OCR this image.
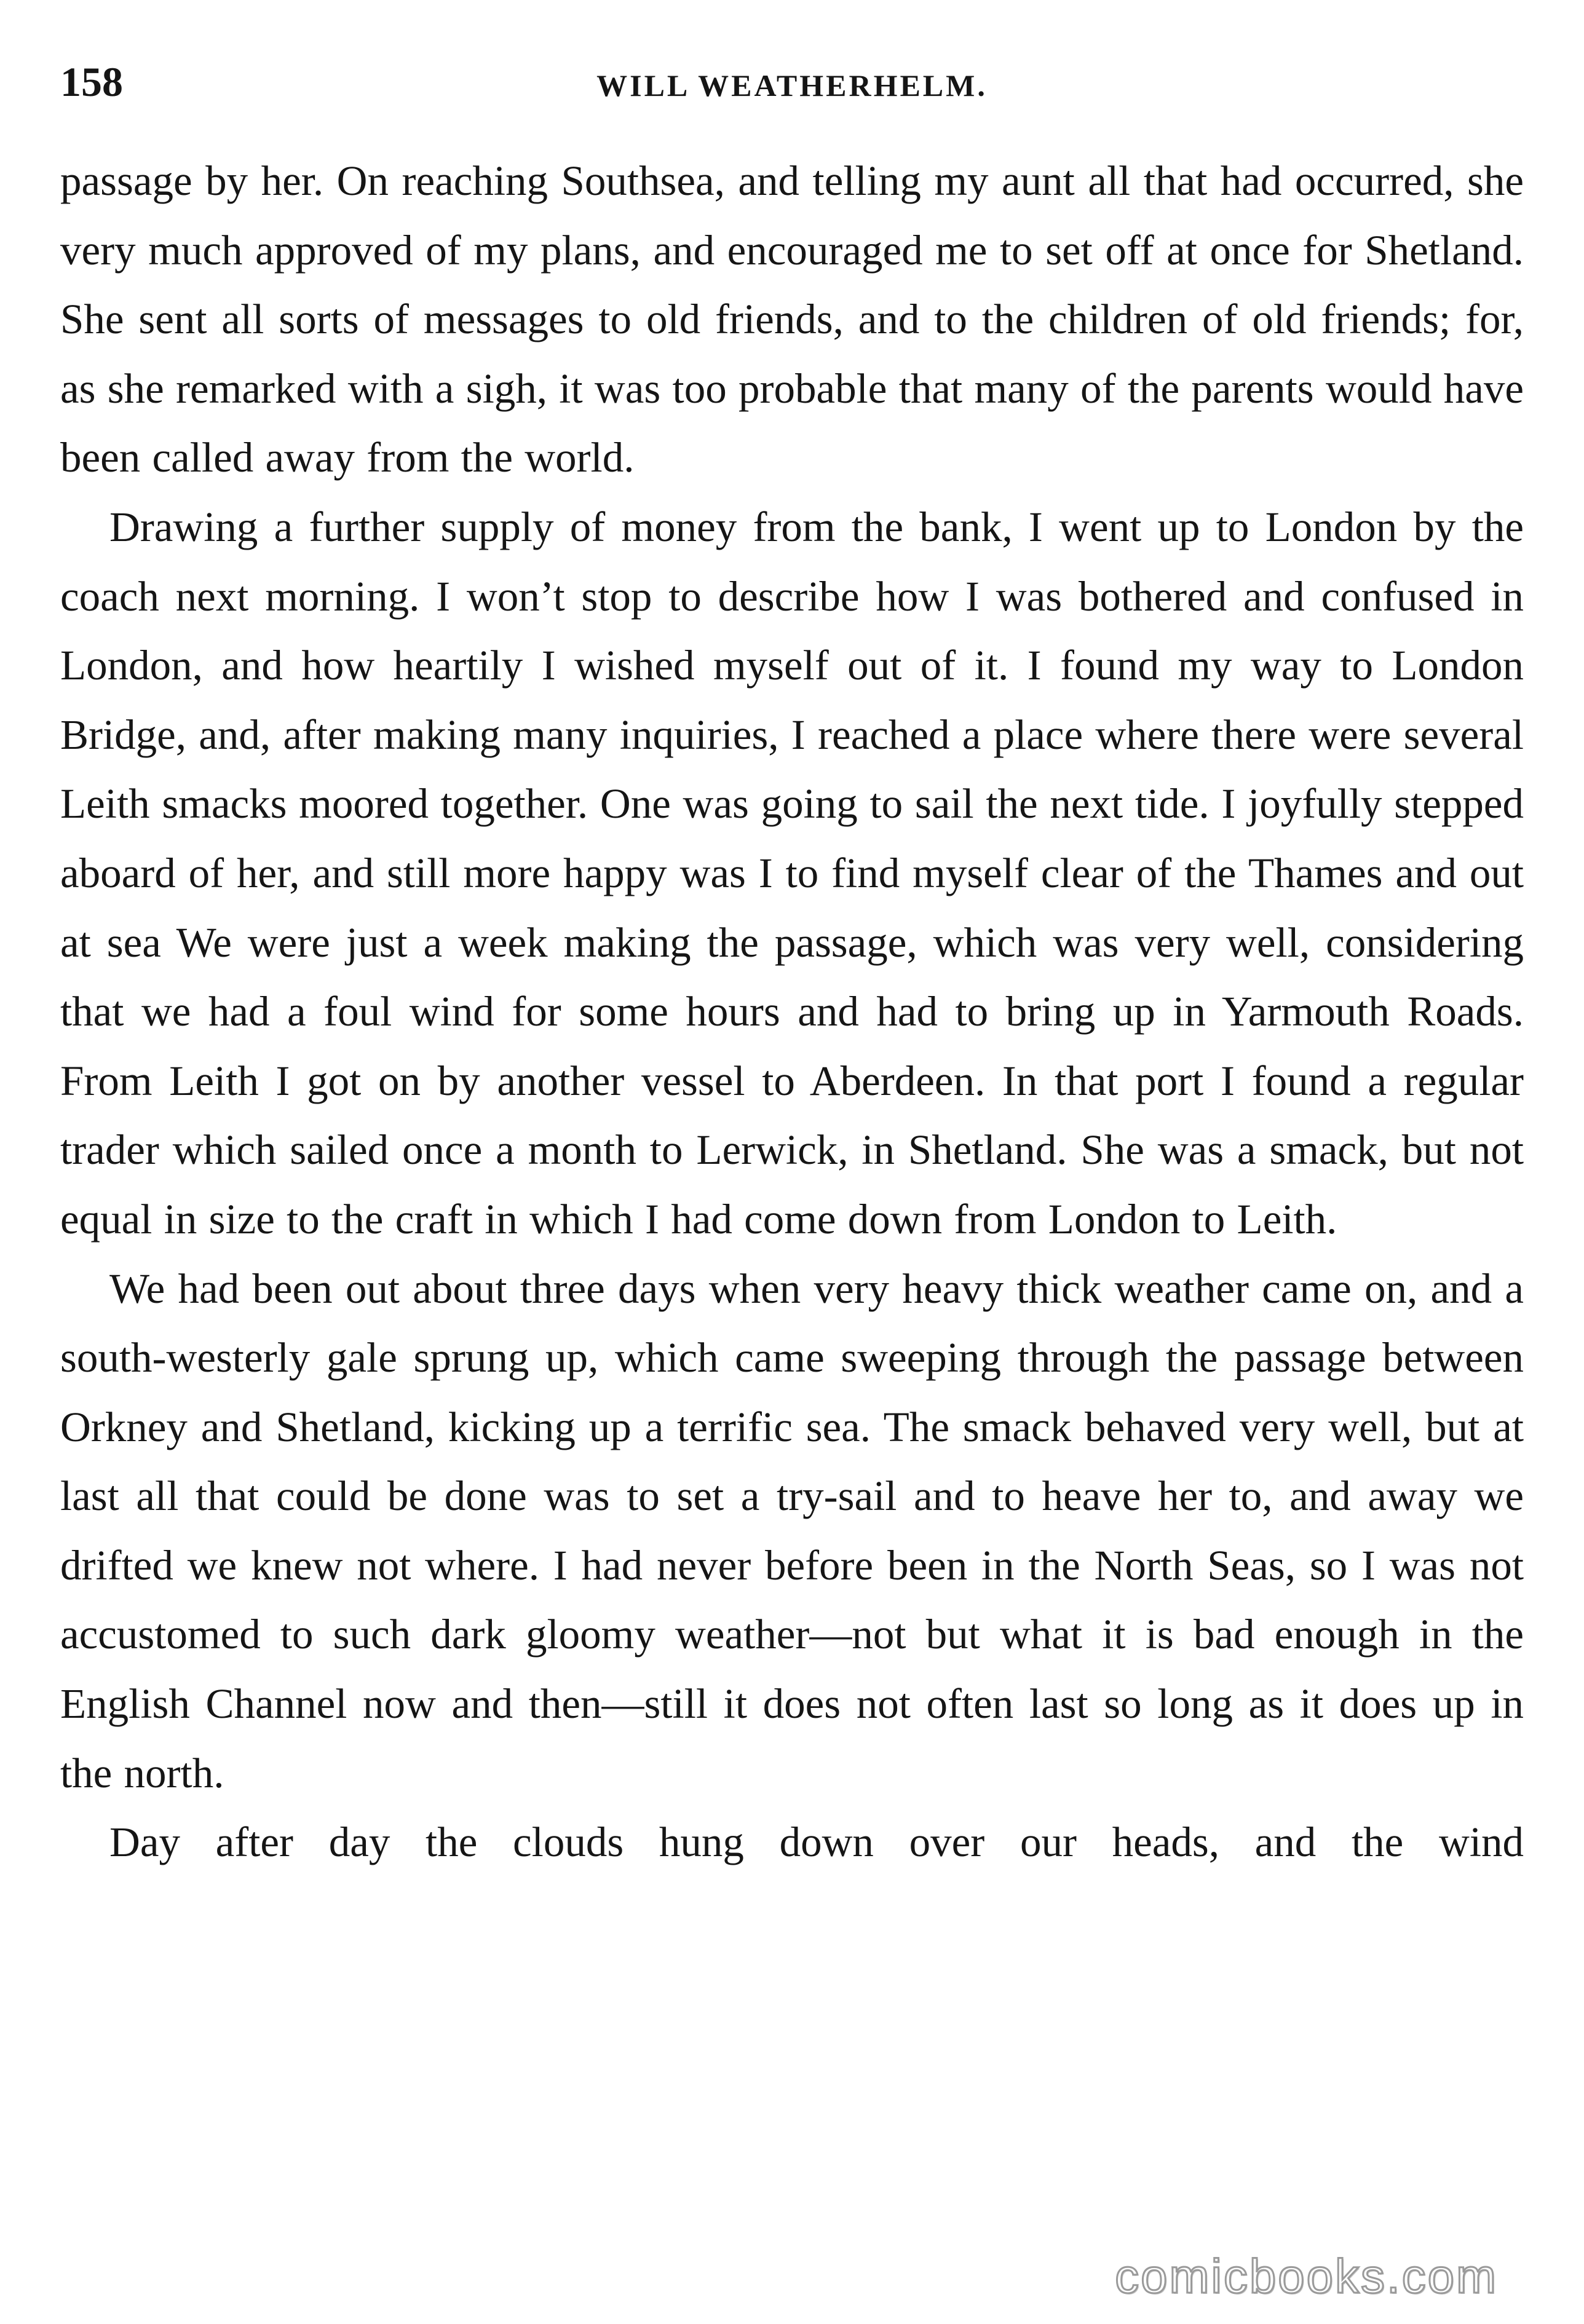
158	WILL WEATHERHELM.

passage by her. On reaching Southsea, and telling my aunt all that had occurred, she very much approved of my plans, and encouraged me to set off at once for Shetland. She sent all sorts of messages to old friends, and to the children of old friends; for, as she remarked with a sigh, it was too probable that many of the parents would have been called away from the world.

Drawing a further supply of money from the bank, I went up to London by the coach next morning. I won’t stop to describe how I was bothered and confused in London, and how heartily I wished myself out of it. I found my way to London Bridge, and, after making many inquiries, I reached a place where there were several Leith smacks moored together. One was going to sail the next tide. I joyfully stepped aboard of her, and still more happy was I to find myself clear of the Thames and out at sea We were just a week making the passage, which was very well, considering that we had a foul wind for some hours and had to bring up in Yarmouth Roads. From Leith I got on by another vessel to Aberdeen. In that port I found a regular trader which sailed once a month to Lerwick, in Shetland. She was a smack, but not equal in size to the craft in which I had come down from London to Leith.

We had been out about three days when very heavy thick weather came on, and a south-westerly gale sprung up, which came sweeping through the passage between Orkney and Shetland, kicking up a terrific sea. The smack behaved very well, but at last all that could be done was to set a try-sail and to heave her to, and away we drifted we knew not where. I had never before been in the North Seas, so I was not accustomed to such dark gloomy weather—not but what it is bad enough in the English Channel now and then—still it does not often last so long as it does up in the north.

Day after day the clouds hung down over our heads, and the wind

comicbooks.com
